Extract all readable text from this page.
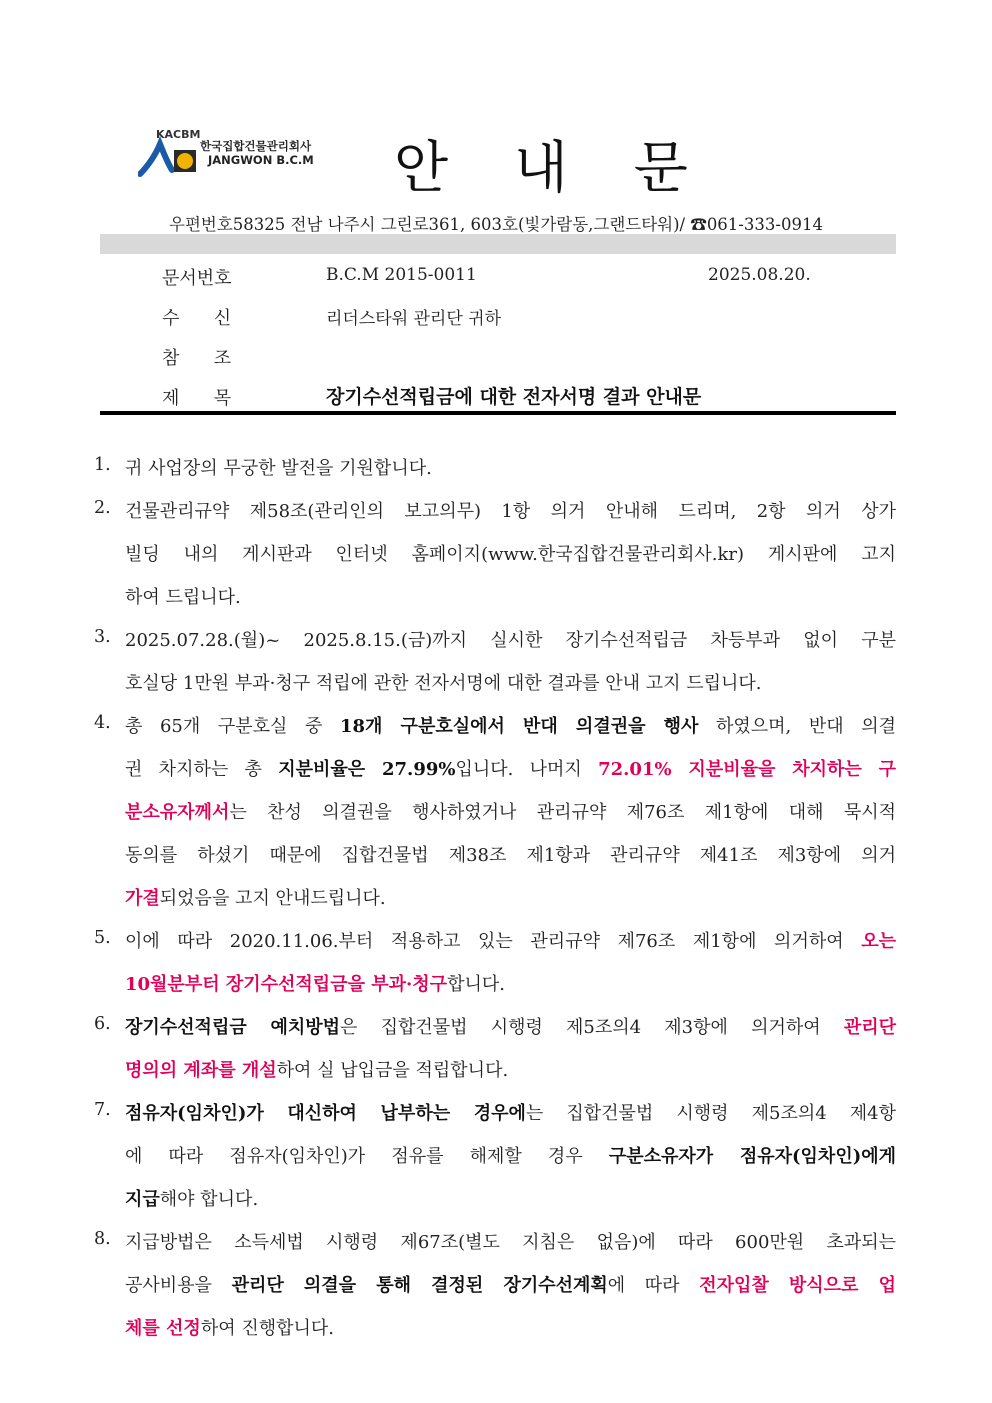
KACBM
한국집합건물관리회사
JANGWON B.C.M 안 내 문
우편번호58325 전남 나주시 그린로361, 603호(빛가람동,그랜드타워)/ ☎061-333-0914
문서번호	B.C.M 2015-0011	2025.08.20.
수      신	리더스타워 관리단 귀하
참      조
제      목	장기수선적립금에 대한 전자서명 결과 안내문
1. 귀 사업장의 무궁한 발전을 기원합니다.
2. 건물관리규약 제58조(관리인의 보고의무) 1항 의거 안내해 드리며, 2항 의거 상가
빌딩 내의 게시판과 인터넷 홈페이지(www.한국집합건물관리회사.kr) 게시판에 고지
하여 드립니다.
3. 2025.07.28.(월)~ 2025.8.15.(금)까지 실시한 장기수선적립금 차등부과 없이 구분
호실당 1만원 부과·청구 적립에 관한 전자서명에 대한 결과를 안내 고지 드립니다.
4. 총 65개 구분호실 중 18개 구분호실에서 반대 의결권을 행사 하였으며, 반대 의결
권 차지하는 총 지분비율은 27.99%입니다. 나머지 72.01% 지분비율을 차지하는 구
분소유자께서는 찬성 의결권을 행사하였거나 관리규약 제76조 제1항에 대해 묵시적
동의를 하셨기 때문에 집합건물법 제38조 제1항과 관리규약 제41조 제3항에 의거
가결되었음을 고지 안내드립니다.
5. 이에 따라 2020.11.06.부터 적용하고 있는 관리규약 제76조 제1항에 의거하여 오는
10월분부터 장기수선적립금을 부과·청구합니다.
6. 장기수선적립금 예치방법은 집합건물법 시행령 제5조의4 제3항에 의거하여 관리단
명의의 계좌를 개설하여 실 납입금을 적립합니다.
7. 점유자(임차인)가 대신하여 납부하는 경우에는 집합건물법 시행령 제5조의4 제4항
에 따라 점유자(임차인)가 점유를 해제할 경우 구분소유자가 점유자(임차인)에게
지급해야 합니다.
8. 지급방법은 소득세법 시행령 제67조(별도 지침은 없음)에 따라 600만원 초과되는
공사비용을 관리단 의결을 통해 결정된 장기수선계획에 따라 전자입찰 방식으로 업
체를 선정하여 진행합니다.
